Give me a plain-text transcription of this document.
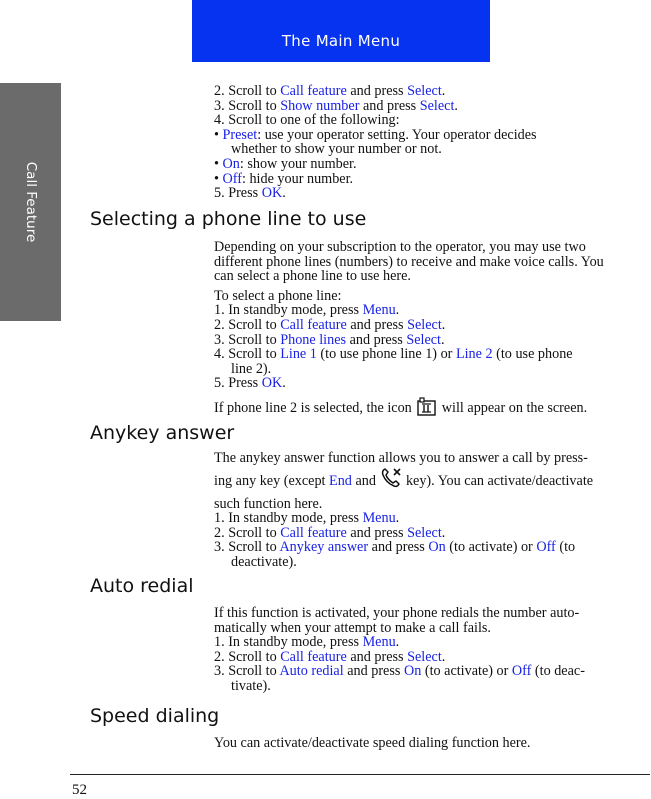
The Main Menu
Call Feature

2. Scroll to Call feature and press Select.

3. Scroll to Show number and press Select.

4. Scroll to one of the following:

• Preset: use your operator setting. Your operator decides

whether to show your number or not.

• On: show your number.

• Off: hide your number.

5. Press OK.

Selecting a phone line to use

Depending on your subscription to the operator, you may use two different phone lines (numbers) to receive and make voice calls. You can select a phone line to use here.

To select a phone line:

1. In standby mode, press Menu.

2. Scroll to Call feature and press Select.

3. Scroll to Phone lines and press Select.

4. Scroll to Line 1 (to use phone line 1) or Line 2 (to use phone

line 2).

5. Press OK.

If phone line 2 is selected, the icon will appear on the screen.

Anykey answer

The anykey answer function allows you to answer a call by press-

ing any key (except End and key). You can activate/deactivate

such function here.

1. In standby mode, press Menu.

2. Scroll to Call feature and press Select.

3. Scroll to Anykey answer and press On (to activate) or Off (to

deactivate).

Auto redial

If this function is activated, your phone redials the number auto-matically when your attempt to make a call fails.

1. In standby mode, press Menu.

2. Scroll to Call feature and press Select.

3. Scroll to Auto redial and press On (to activate) or Off (to deac-

tivate).

Speed dialing

You can activate/deactivate speed dialing function here.

52
